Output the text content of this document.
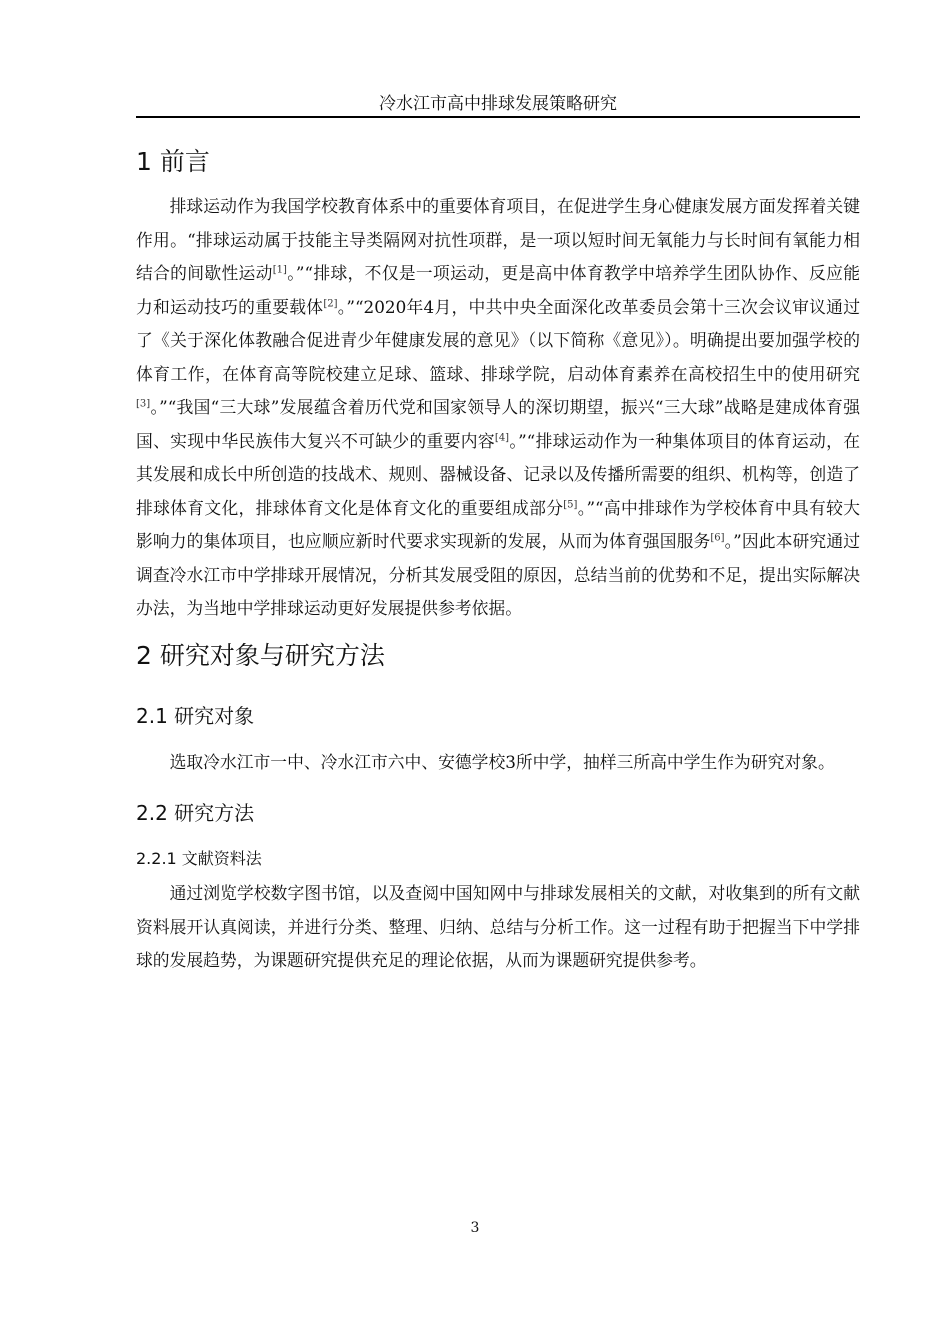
冷水江市高中排球发展策略研究
1 前言

排球运动作为我国学校教育体系中的重要体育项目，在促进学生身心健康发展方面发挥着关键作用。“排球运动属于技能主导类隔网对抗性项群，是一项以短时间无氧能力与长时间有氧能力相结合的间歇性运动[1]。”“排球，不仅是一项运动，更是高中体育教学中培养学生团队协作、反应能力和运动技巧的重要载体[2]。”“2020年4月，中共中央全面深化改革委员会第十三次会议审议通过了《关于深化体教融合促进青少年健康发展的意见》（以下简称《意见》）。明确提出要加强学校的体育工作，在体育高等院校建立足球、篮球、排球学院，启动体育素养在高校招生中的使用研究[3]。”“我国“三大球”发展蕴含着历代党和国家领导人的深切期望，振兴“三大球”战略是建成体育强国、实现中华民族伟大复兴不可缺少的重要内容[4]。”“排球运动作为一种集体项目的体育运动，在其发展和成长中所创造的技战术、规则、器械设备、记录以及传播所需要的组织、机构等，创造了排球体育文化，排球体育文化是体育文化的重要组成部分[5]。”“高中排球作为学校体育中具有较大影响力的集体项目，也应顺应新时代要求实现新的发展，从而为体育强国服务[6]。”因此本研究通过调查冷水江市中学排球开展情况，分析其发展受阻的原因，总结当前的优势和不足，提出实际解决办法，为当地中学排球运动更好发展提供参考依据。

2 研究对象与研究方法
2.1 研究对象

选取冷水江市一中、冷水江市六中、安德学校3所中学，抽样三所高中学生作为研究对象。

2.2 研究方法
2.2.1 文献资料法

通过浏览学校数字图书馆，以及查阅中国知网中与排球发展相关的文献，对收集到的所有文献资料展开认真阅读，并进行分类、整理、归纳、总结与分析工作。这一过程有助于把握当下中学排球的发展趋势，为课题研究提供充足的理论依据，从而为课题研究提供参考。

3
